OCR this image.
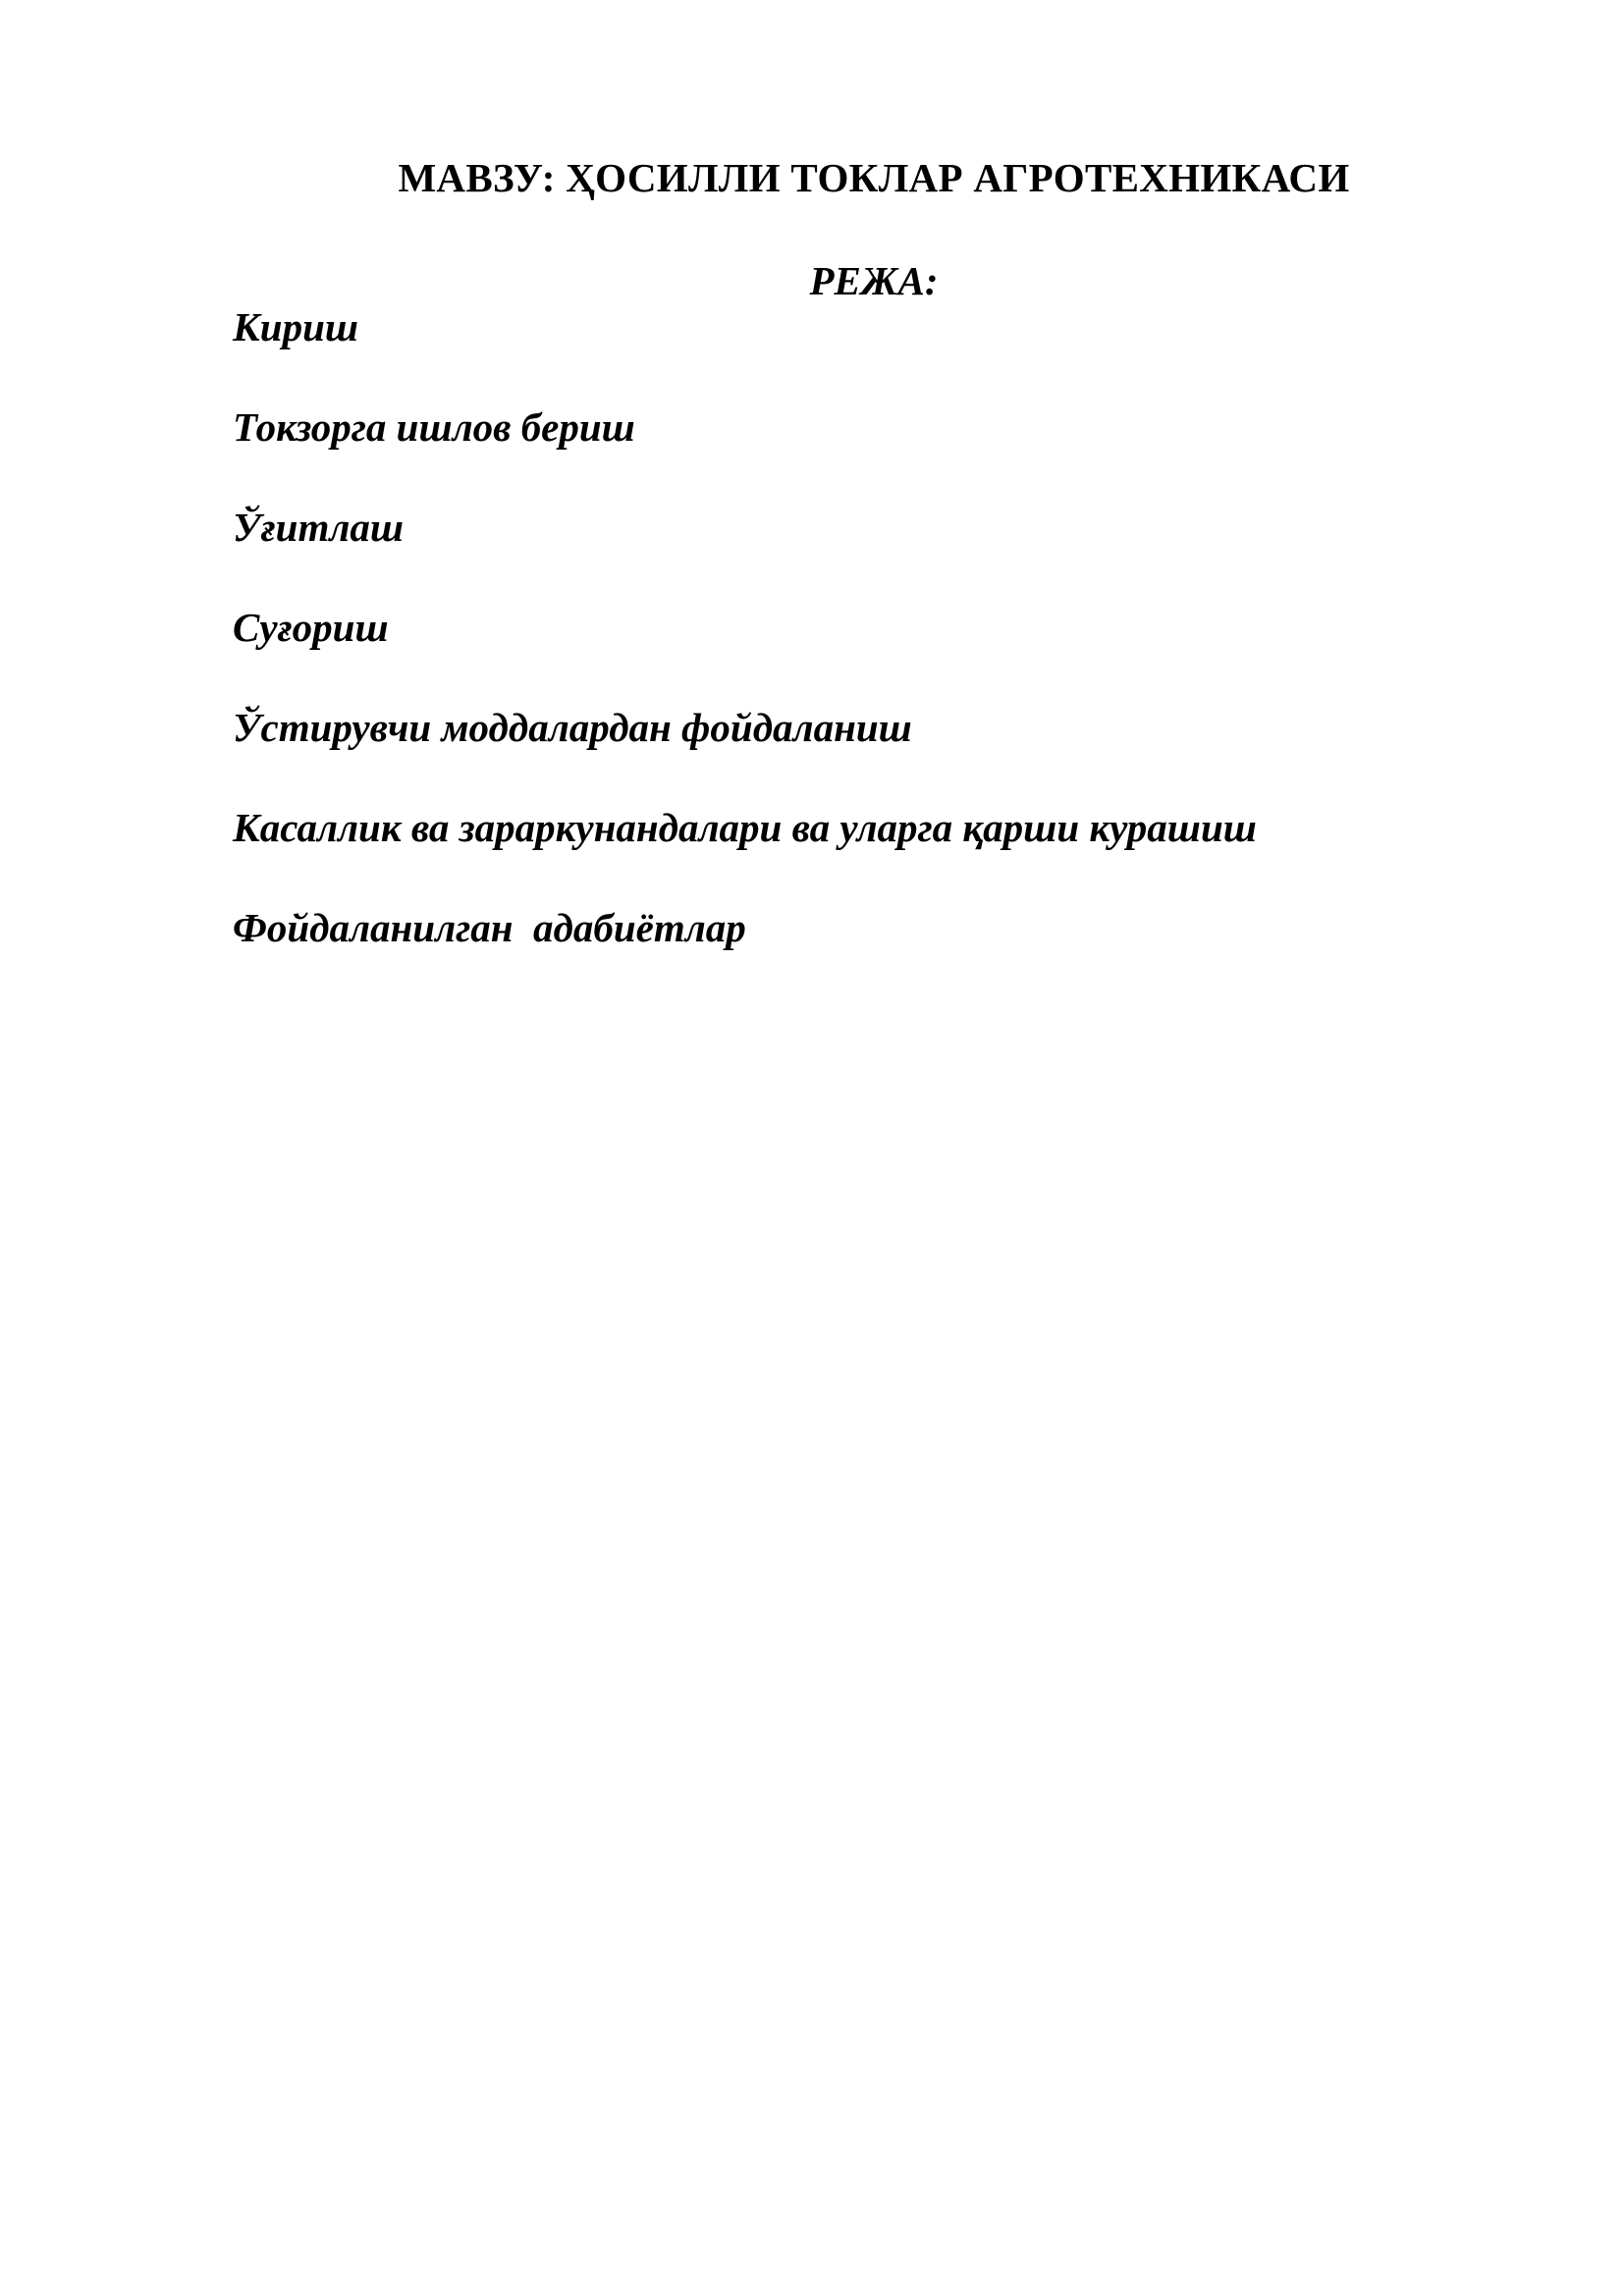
МАВЗУ: ҲОСИЛЛИ ТОКЛАР АГРОТЕХНИКАСИ
РЕЖА:
Кириш
Токзорга ишлов бериш
Ўғитлаш
Суғориш
Ўстирувчи моддалардан фойдаланиш
Касаллик ва зараркунандалари ва уларга қарши курашиш
Фойдаланилган  адабиётлар
